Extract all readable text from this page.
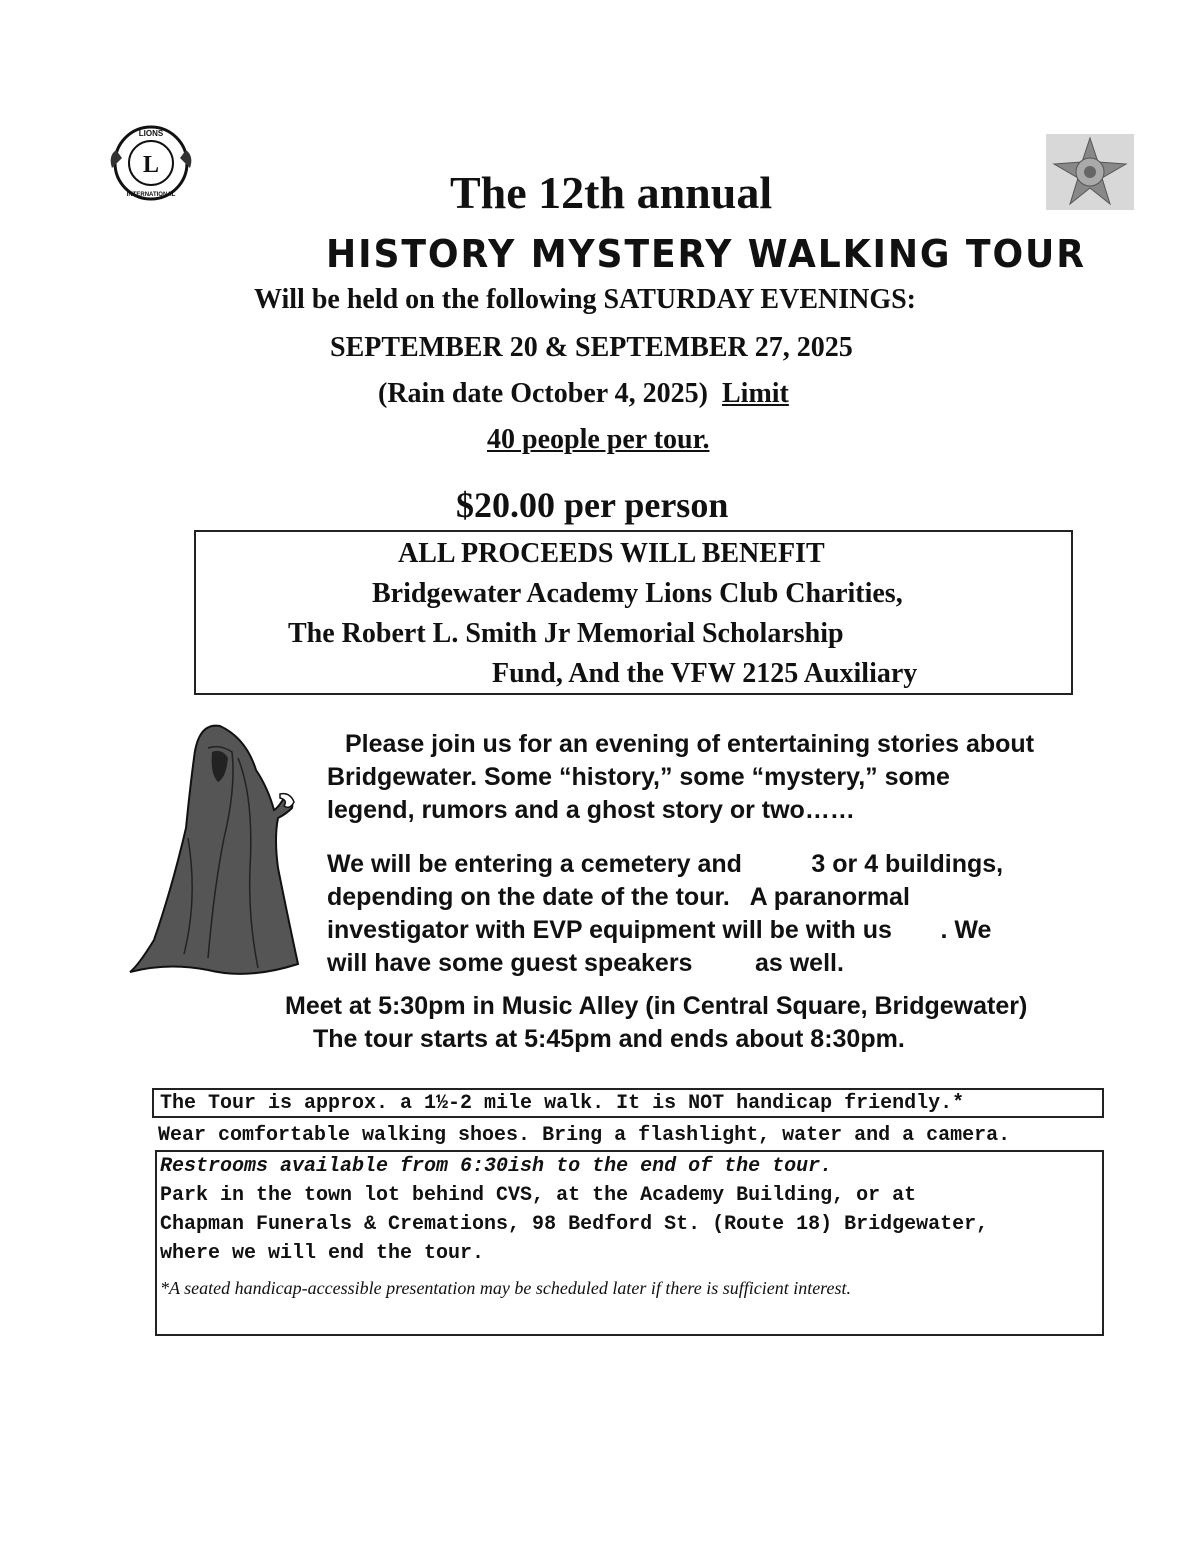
L
LIONS
INTERNATIONAL	The 12th annual

HISTORY MYSTERY WALKING TOUR

Will be held on the following SATURDAY EVENINGS:

SEPTEMBER 20 & SEPTEMBER 27, 2025

(Rain date October 4, 2025) Limit

40 people per tour.

$20.00 per person

ALL PROCEEDS WILL BENEFIT

Bridgewater Academy Lions Club Charities,

The Robert L. Smith Jr Memorial Scholarship

Fund, And the VFW 2125 Auxiliary

Please join us for an evening of entertaining stories about

Bridgewater. Some “history,” some “mystery,” some

legend, rumors and a ghost story or two……

We will be entering a cemetery and          3 or 4 buildings,

depending on the date of the tour.   A paranormal

investigator with EVP equipment will be with us       . We

will have some guest speakers         as well.

Meet at 5:30pm in Music Alley (in Central Square, Bridgewater)

The tour starts at 5:45pm and ends about 8:30pm.

The Tour is approx. a 1½-2 mile walk. It is NOT handicap friendly.*

Wear comfortable walking shoes. Bring a flashlight, water and a camera.

Restrooms available from 6:30ish to the end of the tour.

Park in the town lot behind CVS, at the Academy Building, or at

Chapman Funerals & Cremations, 98 Bedford St. (Route 18) Bridgewater,

where we will end the tour.

*A seated handicap-accessible presentation may be scheduled later if there is sufficient interest.
